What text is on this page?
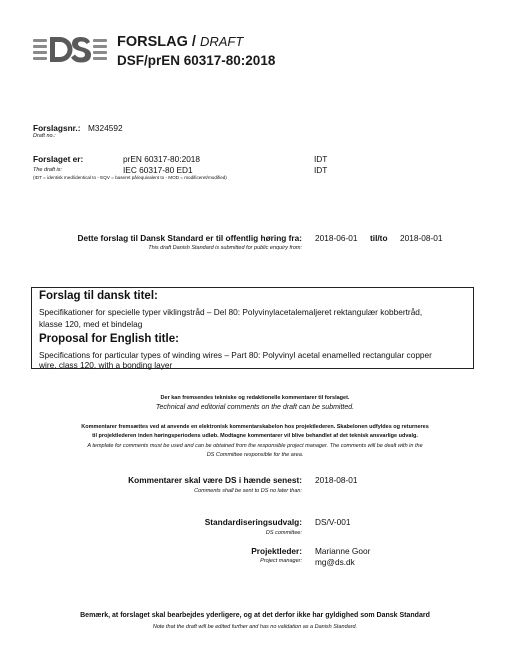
FORSLAG / DRAFT
DSF/prEN 60317-80:2018
Forslagsnr.: M324592
Draft no.:
Forslaget er:	prEN 60317-80:2018	IDT
The draft is:	IEC 60317-80 ED1	IDT
(IDT = identisk med/identical to - EQV = baseret på/equivalent to - MOD = modificeret/modified)
Dette forslag til Dansk Standard er til offentlig høring fra: 2018-06-01 til/to 2018-08-01
This draft Danish Standard is submitted for public enquiry from:
Forslag til dansk titel:
Specifikationer for specielle typer viklingstråd – Del 80: Polyvinylacetalemaljeret rektangulær kobbertråd,
klasse 120, med et bindelag
Proposal for English title:
Specifications for particular types of winding wires – Part 80: Polyvinyl acetal enamelled rectangular copper
wire, class 120, with a bonding layer
Der kan fremsendes tekniske og redaktionelle kommentarer til forslaget.
Technical and editorial comments on the draft can be submitted.
Kommentarer fremsættes ved at anvende en elektronisk kommentarskabelon hos projektlederen. Skabelonen udfyldes og returneres
til projektlederen inden høringsperiodens udløb. Modtagne kommentarer vil blive behandlet af det teknisk ansvarlige udvalg.
A template for comments must be used and can be obtained from the responsible project manager. The comments will be dealt with in the
DS Committee responsible for the area.
Kommentarer skal være DS i hænde senest: 2018-08-01
Comments shall be sent to DS no later than:
Standardiseringsudvalg: DS/V-001
DS committee:
Projektleder: Marianne Goor
Project manager: mg@ds.dk
Bemærk, at forslaget skal bearbejdes yderligere, og at det derfor ikke har gyldighed som Dansk Standard
Note that the draft will be edited further and has no validation as a Danish Standard.
